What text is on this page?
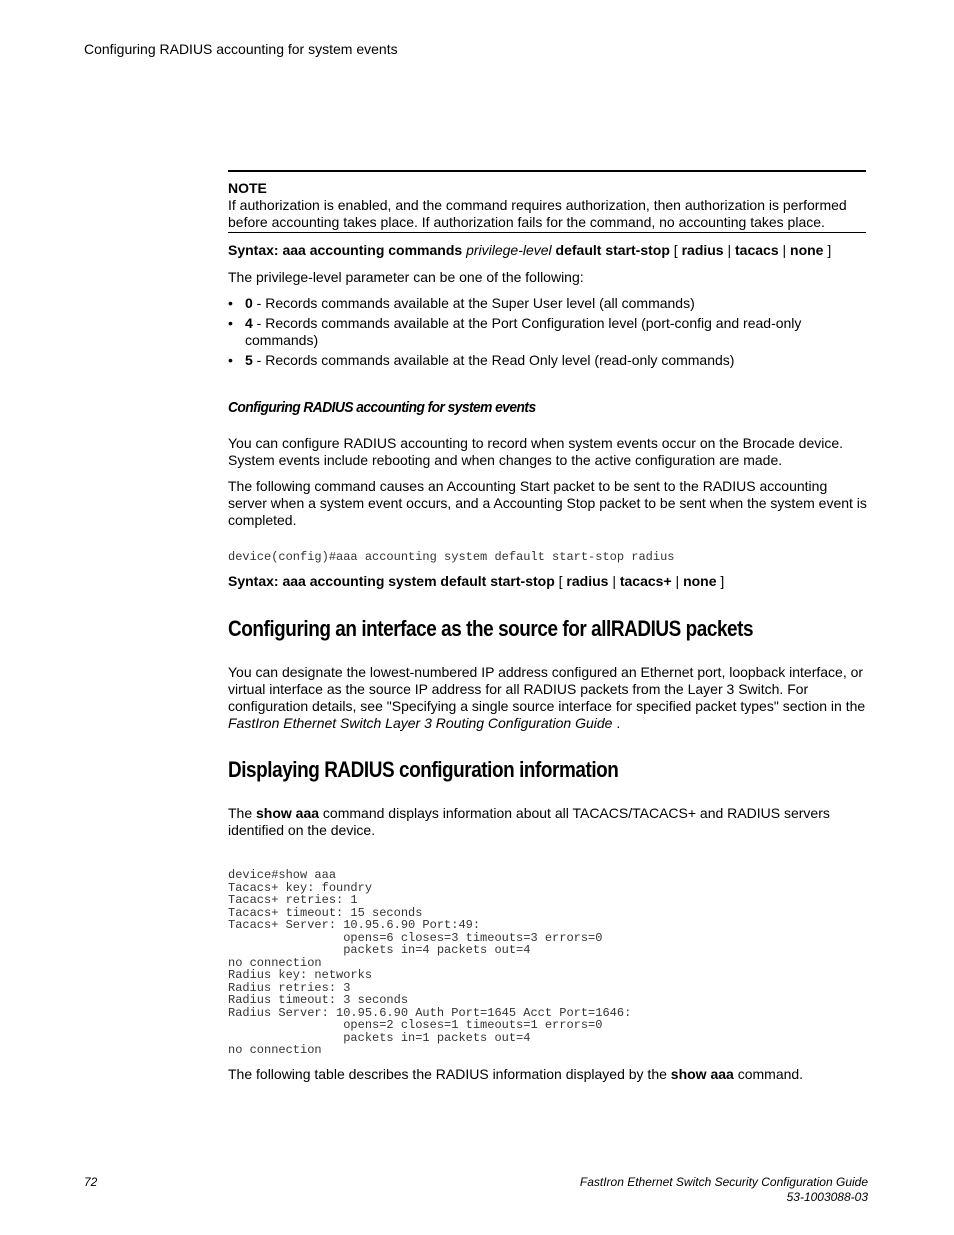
Configuring RADIUS accounting for system events

NOTE

If authorization is enabled, and the command requires authorization, then authorization is performed before accounting takes place. If authorization fails for the command, no accounting takes place.

Syntax: aaa accounting commands privilege-level default start-stop [ radius | tacacs | none ]

The privilege-level parameter can be one of the following:
• 0 - Records commands available at the Super User level (all commands)
• 4 - Records commands available at the Port Configuration level (port-config and read-only commands)
• 5 - Records commands available at the Read Only level (read-only commands)
Configuring RADIUS accounting for system events
You can configure RADIUS accounting to record when system events occur on the Brocade device. System events include rebooting and when changes to the active configuration are made.
The following command causes an Accounting Start packet to be sent to the RADIUS accounting server when a system event occurs, and a Accounting Stop packet to be sent when the system event is completed.
device(config)#aaa accounting system default start-stop radius

Syntax: aaa accounting system default start-stop [ radius | tacacs+ | none ]

Configuring an interface as the source for allRADIUS packets

You can designate the lowest-numbered IP address configured an Ethernet port, loopback interface, or virtual interface as the source IP address for all RADIUS packets from the Layer 3 Switch. For configuration details, see "Specifying a single source interface for specified packet types" section in the FastIron Ethernet Switch Layer 3 Routing Configuration Guide .

Displaying RADIUS configuration information

The show aaa command displays information about all TACACS/TACACS+ and RADIUS servers identified on the device.

device#show aaa
Tacacs+ key: foundry
Tacacs+ retries: 1
Tacacs+ timeout: 15 seconds
Tacacs+ Server: 10.95.6.90 Port:49:
opens=6 closes=3 timeouts=3 errors=0
packets in=4 packets out=4
no connection
Radius key: networks
Radius retries: 3
Radius timeout: 3 seconds
Radius Server: 10.95.6.90 Auth Port=1645 Acct Port=1646:
opens=2 closes=1 timeouts=1 errors=0
packets in=1 packets out=4
no connection

The following table describes the RADIUS information displayed by the show aaa command.

72	FastIron Ethernet Switch Security Configuration Guide
53-1003088-03
